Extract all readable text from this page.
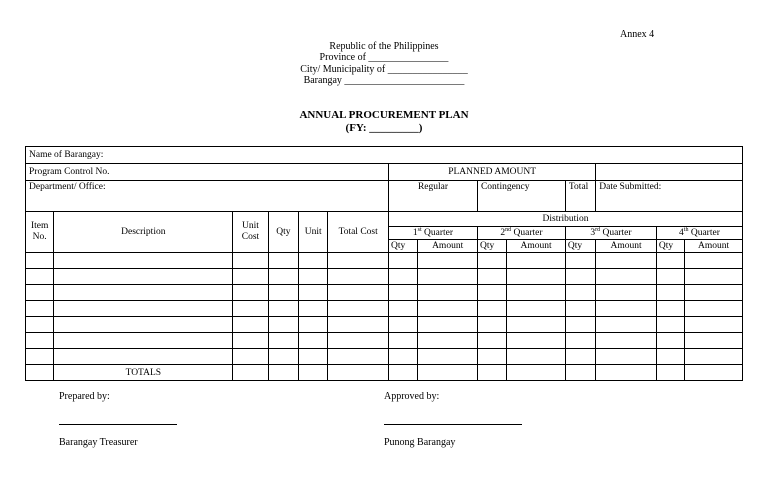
Annex 4
Republic of the Philippines
Province of ________________
City/ Municipality of ________________
Barangay ________________________
ANNUAL PROCUREMENT PLAN
(FY: _________)
Name of Barangay:													
Program Control No.						PLANNED AMOUNT							
Department/ Office:						Regular		Contingency		Total	Date Submitted:		
Item No.	Description	Unit Cost	Qty	Unit	Total Cost	Distribution							
						1st Quarter		2nd Quarter		3rd Quarter		4th Quarter	
						Qty	Amount	Qty	Amount	Qty	Amount	Qty	Amount

	TOTALS												
Prepared by:	Approved by:
Barangay Treasurer	Punong Barangay
